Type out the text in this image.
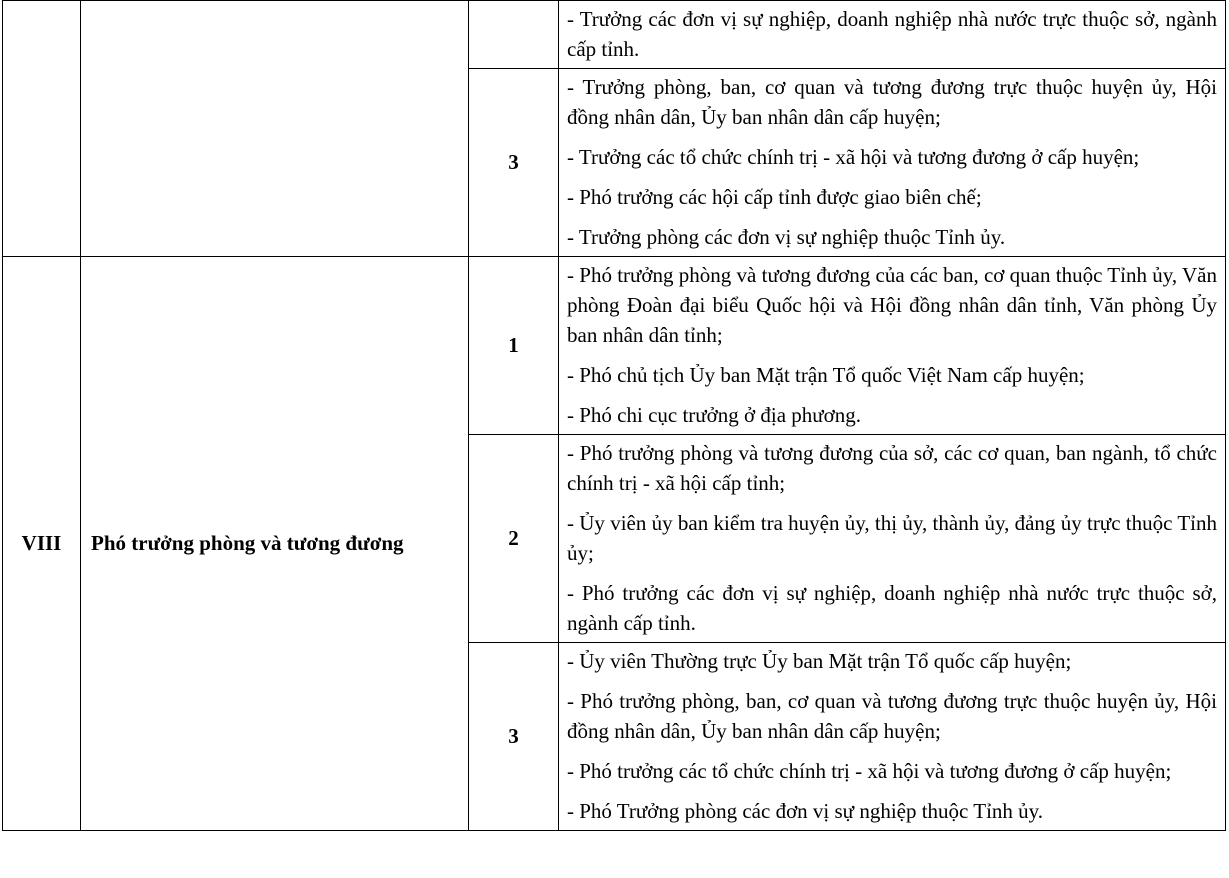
			- Trưởng các đơn vị sự nghiệp, doanh nghiệp nhà nước trực thuộc sở, ngành cấp tỉnh.

		3	- Trưởng phòng, ban, cơ quan và tương đương trực thuộc huyện ủy, Hội đồng nhân dân, Ủy ban nhân dân cấp huyện;

- Trưởng các tổ chức chính trị - xã hội và tương đương ở cấp huyện;

- Phó trưởng các hội cấp tỉnh được giao biên chế;

- Trưởng phòng các đơn vị sự nghiệp thuộc Tỉnh ủy.

VIII	Phó trưởng phòng và tương đương	1	- Phó trưởng phòng và tương đương của các ban, cơ quan thuộc Tỉnh ủy, Văn phòng Đoàn đại biểu Quốc hội và Hội đồng nhân dân tỉnh, Văn phòng Ủy ban nhân dân tỉnh;

- Phó chủ tịch Ủy ban Mặt trận Tổ quốc Việt Nam cấp huyện;

- Phó chi cục trưởng ở địa phương.

		2	- Phó trưởng phòng và tương đương của sở, các cơ quan, ban ngành, tổ chức chính trị - xã hội cấp tỉnh;

- Ủy viên ủy ban kiểm tra huyện ủy, thị ủy, thành ủy, đảng ủy trực thuộc Tỉnh ủy;

- Phó trưởng các đơn vị sự nghiệp, doanh nghiệp nhà nước trực thuộc sở, ngành cấp tỉnh.

		3	- Ủy viên Thường trực Ủy ban Mặt trận Tổ quốc cấp huyện;

- Phó trưởng phòng, ban, cơ quan và tương đương trực thuộc huyện ủy, Hội đồng nhân dân, Ủy ban nhân dân cấp huyện;

- Phó trưởng các tổ chức chính trị - xã hội và tương đương ở cấp huyện;

- Phó Trưởng phòng các đơn vị sự nghiệp thuộc Tỉnh ủy.
